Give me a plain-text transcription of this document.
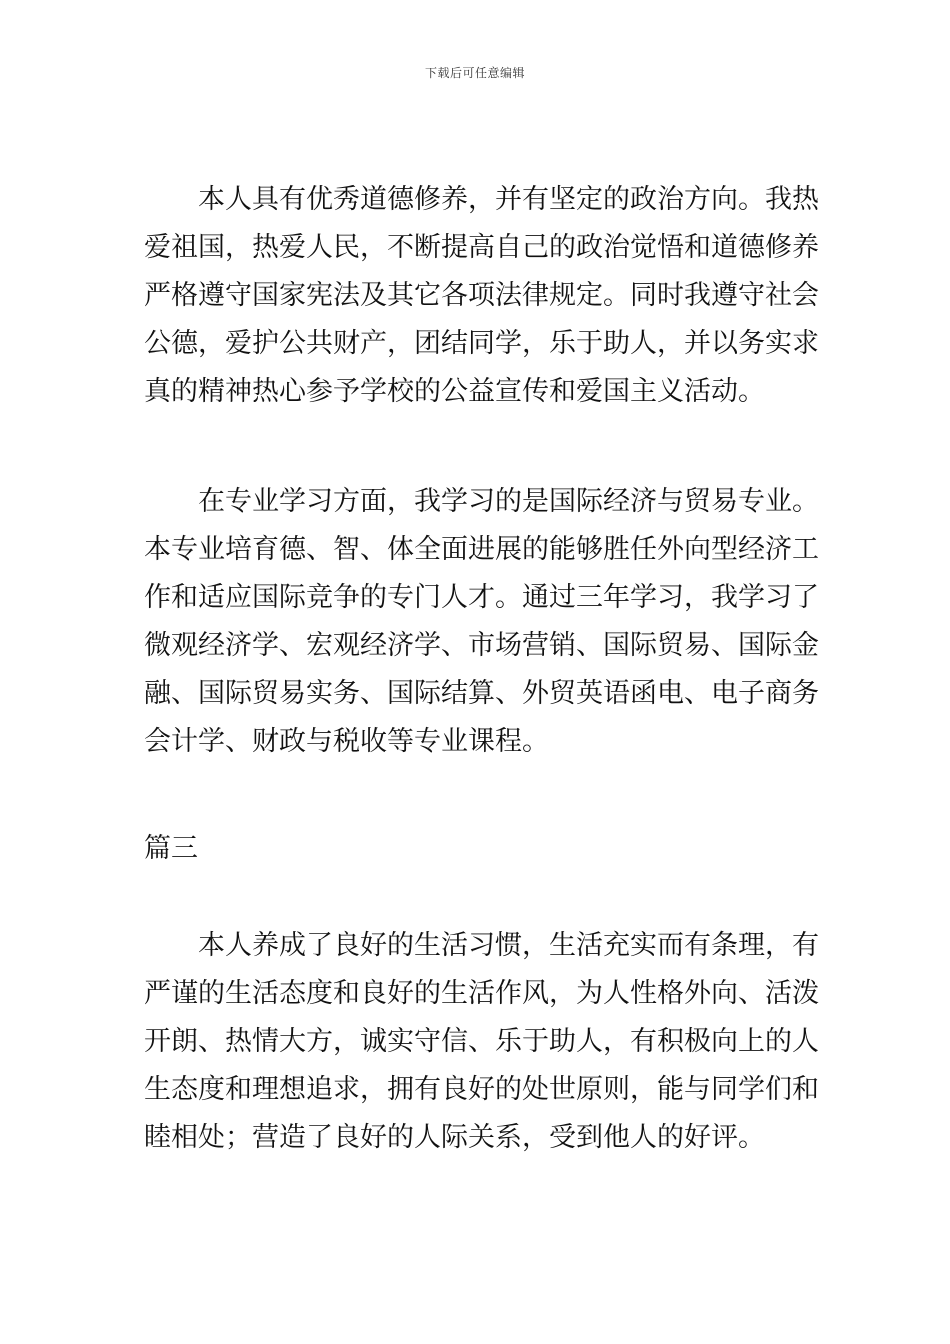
下载后可任意编辑
本人具有优秀道德修养，并有坚定的政治方向。我热
爱祖国，热爱人民，不断提高自己的政治觉悟和道德修养
严格遵守国家宪法及其它各项法律规定。同时我遵守社会
公德，爱护公共财产，团结同学，乐于助人，并以务实求
真的精神热心参予学校的公益宣传和爱国主义活动。
在专业学习方面，我学习的是国际经济与贸易专业。
本专业培育德、智、体全面进展的能够胜任外向型经济工
作和适应国际竞争的专门人才。通过三年学习，我学习了
微观经济学、宏观经济学、市场营销、国际贸易、国际金
融、国际贸易实务、国际结算、外贸英语函电、电子商务
会计学、财政与税收等专业课程。
篇三
本人养成了良好的生活习惯，生活充实而有条理，有
严谨的生活态度和良好的生活作风，为人性格外向、活泼
开朗、热情大方，诚实守信、乐于助人，有积极向上的人
生态度和理想追求，拥有良好的处世原则，能与同学们和
睦相处；营造了良好的人际关系，受到他人的好评。
